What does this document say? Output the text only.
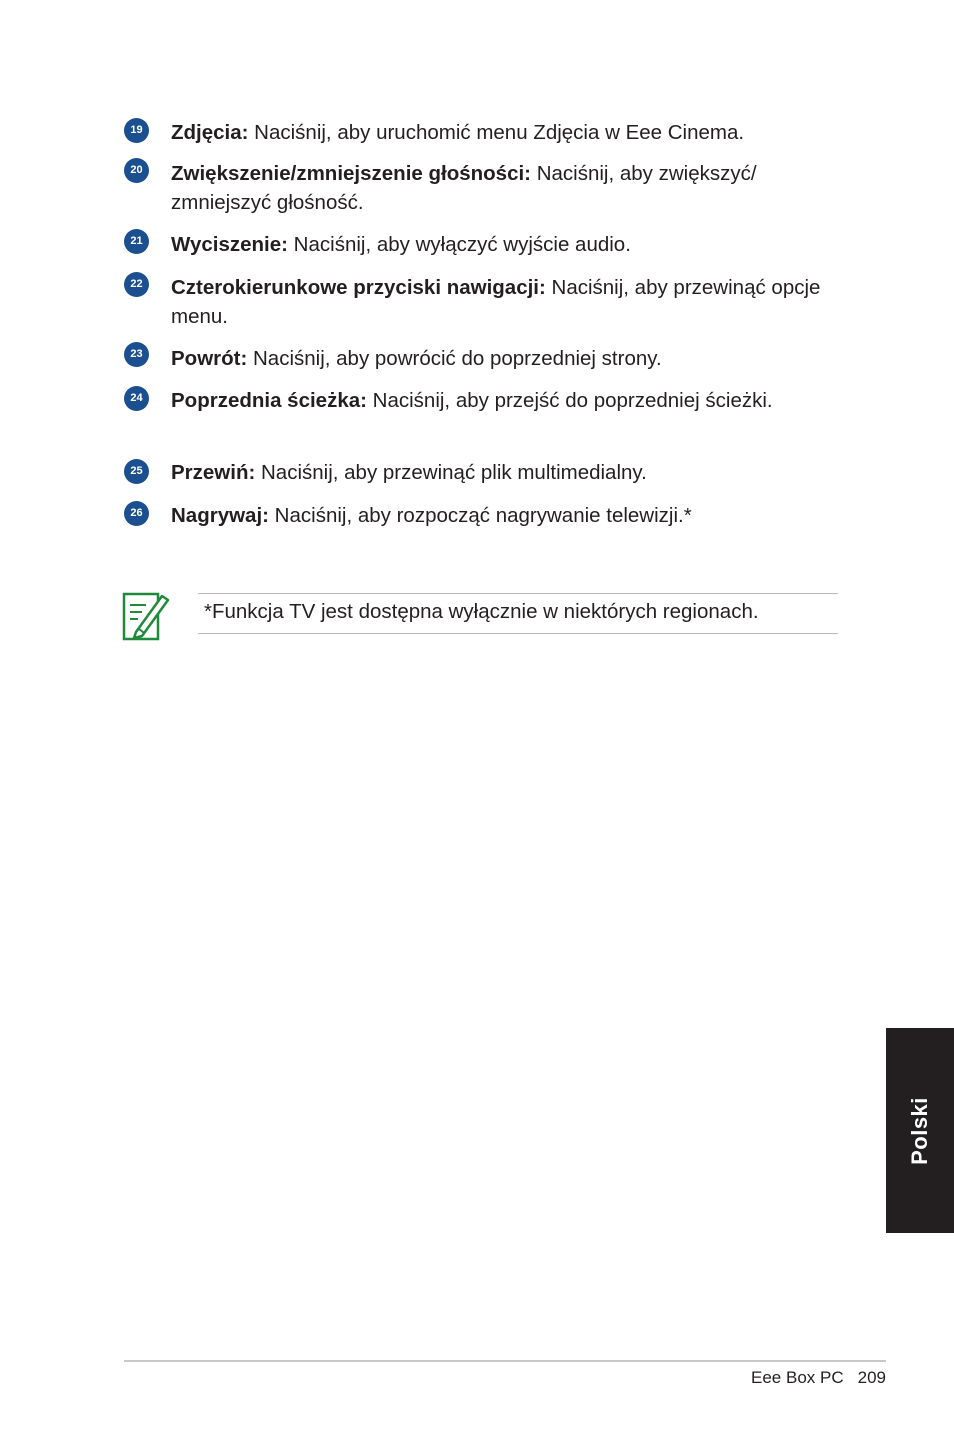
19	Zdjęcia: Naciśnij, aby uruchomić menu Zdjęcia w Eee Cinema.
20	Zwiększenie/zmniejszenie głośności: Naciśnij, aby zwiększyć/ zmniejszyć głośność.
21	Wyciszenie: Naciśnij, aby wyłączyć wyjście audio.
22	Czterokierunkowe przyciski nawigacji: Naciśnij, aby przewinąć opcje menu.
23	Powrót: Naciśnij, aby powrócić do poprzedniej strony.
24	Poprzednia ścieżka: Naciśnij, aby przejść do poprzedniej ścieżki.
25	Przewiń: Naciśnij, aby przewinąć plik multimedialny.
26	Nagrywaj: Naciśnij, aby rozpocząć nagrywanie telewizji.*
*Funkcja TV jest dostępna wyłącznie w niektórych regionach.
Polski
Eee Box PC 209
